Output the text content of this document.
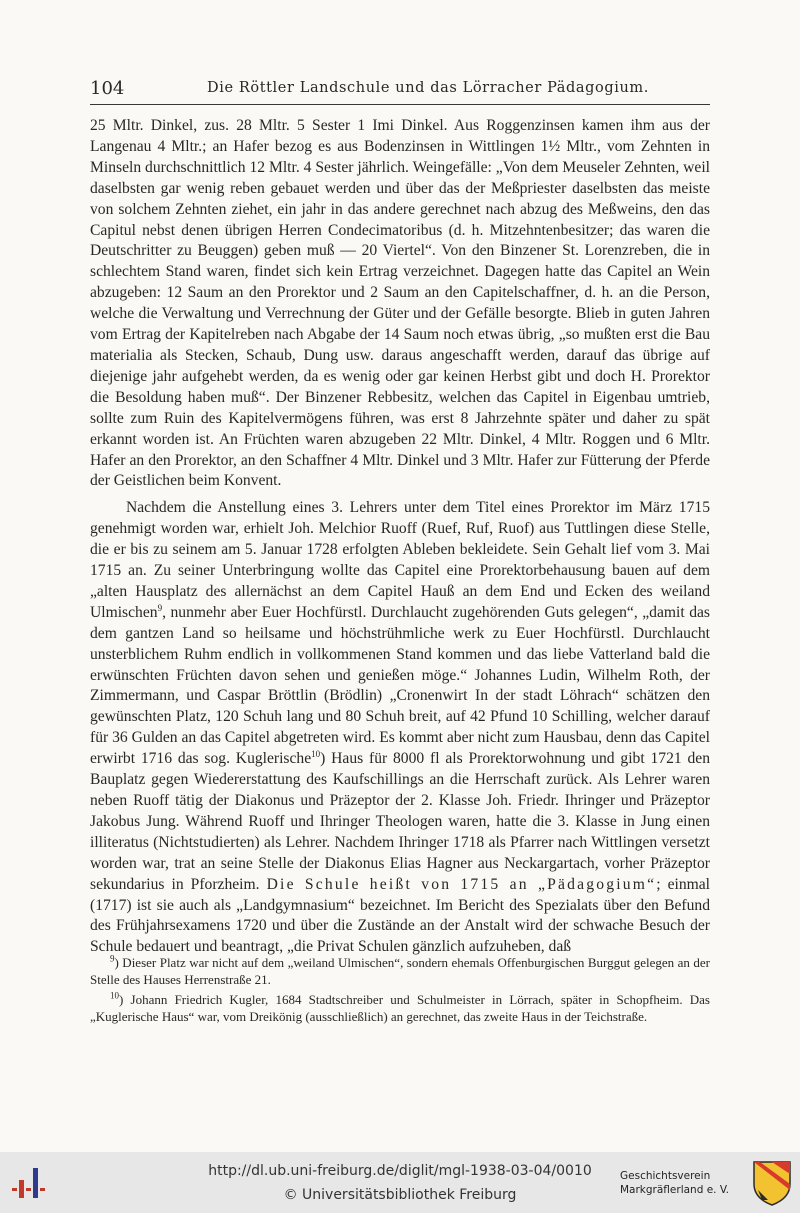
104	Die Röttler Landschule und das Lörracher Pädagogium.

25 Mltr. Dinkel, zus. 28 Mltr. 5 Sester 1 Imi Dinkel. Aus Roggenzinsen kamen ihm aus der Langenau 4 Mltr.; an Hafer bezog es aus Bodenzinsen in Wittlingen 1½ Mltr., vom Zehnten in Minseln durchschnittlich 12 Mltr. 4 Sester jährlich. Weingefälle: „Von dem Meuseler Zehnten, weil daselbsten gar wenig reben gebauet werden und über das der Meßpriester daselbsten das meiste von solchem Zehnten ziehet, ein jahr in das andere gerechnet nach abzug des Meßweins, den das Capitul nebst denen übrigen Herren Condecimatoribus (d. h. Mitzehntenbesitzer; das waren die Deutschritter zu Beuggen) geben muß — 20 Viertel“. Von den Binzener St. Lorenzreben, die in schlechtem Stand waren, findet sich kein Ertrag verzeichnet. Dagegen hatte das Capitel an Wein abzugeben: 12 Saum an den Prorektor und 2 Saum an den Capitelschaffner, d. h. an die Person, welche die Verwaltung und Verrechnung der Güter und der Gefälle besorgte. Blieb in guten Jahren vom Ertrag der Kapitelreben nach Abgabe der 14 Saum noch etwas übrig, „so mußten erst die Bau materialia als Stecken, Schaub, Dung usw. daraus angeschafft werden, darauf das übrige auf diejenige jahr aufgehebt werden, da es wenig oder gar keinen Herbst gibt und doch H. Prorektor die Besoldung haben muß“. Der Binzener Rebbesitz, welchen das Capitel in Eigenbau umtrieb, sollte zum Ruin des Kapitelvermögens führen, was erst 8 Jahrzehnte später und daher zu spät erkannt worden ist. An Früchten waren abzugeben 22 Mltr. Dinkel, 4 Mltr. Roggen und 6 Mltr. Hafer an den Prorektor, an den Schaffner 4 Mltr. Dinkel und 3 Mltr. Hafer zur Fütterung der Pferde der Geistlichen beim Konvent.

Nachdem die Anstellung eines 3. Lehrers unter dem Titel eines Prorektor im März 1715 genehmigt worden war, erhielt Joh. Melchior Ruoff (Ruef, Ruf, Ruof) aus Tuttlingen diese Stelle, die er bis zu seinem am 5. Januar 1728 erfolgten Ableben bekleidete. Sein Gehalt lief vom 3. Mai 1715 an. Zu seiner Unterbringung wollte das Capitel eine Prorektorbehausung bauen auf dem „alten Hausplatz des allernächst an dem Capitel Hauß an dem End und Ecken des weiland Ulmischen$^9$, nunmehr aber Euer Hochfürstl. Durchlaucht zugehörenden Guts gelegen“, „damit das dem gantzen Land so heilsame und höchstrühmliche werk zu Euer Hochfürstl. Durchlaucht unsterblichem Ruhm endlich in vollkommenen Stand kommen und das liebe Vatterland bald die erwünschten Früchten davon sehen und genießen möge.“ Johannes Ludin, Wilhelm Roth, der Zimmermann, und Caspar Bröttlin (Brödlin) „Cronenwirt In der stadt Löhrach“ schätzen den gewünschten Platz, 120 Schuh lang und 80 Schuh breit, auf 42 Pfund 10 Schilling, welcher darauf für 36 Gulden an das Capitel abgetreten wird. Es kommt aber nicht zum Hausbau, denn das Capitel erwirbt 1716 das sog. Kuglerische$^{10}$) Haus für 8000 fl als Prorektorwohnung und gibt 1721 den Bauplatz gegen Wiedererstattung des Kaufschillings an die Herrschaft zurück. Als Lehrer waren neben Ruoff tätig der Diakonus und Präzeptor der 2. Klasse Joh. Friedr. Ihringer und Präzeptor Jakobus Jung. Während Ruoff und Ihringer Theologen waren, hatte die 3. Klasse in Jung einen illiteratus (Nichtstudierten) als Lehrer. Nachdem Ihringer 1718 als Pfarrer nach Wittlingen versetzt worden war, trat an seine Stelle der Diakonus Elias Hagner aus Neckargartach, vorher Präzeptor sekundarius in Pforzheim. Die Schule heißt von 1715 an „Pädagogium“; einmal (1717) ist sie auch als „Landgymnasium“ bezeichnet. Im Bericht des Spezialats über den Befund des Frühjahrsexamens 1720 und über die Zustände an der Anstalt wird der schwache Besuch der Schule bedauert und beantragt, „die Privat Schulen gänzlich aufzuheben, daß

$^9$) Dieser Platz war nicht auf dem „weiland Ulmischen“, sondern ehemals Offenburgischen Burggut gelegen an der Stelle des Hauses Herrenstraße 21.

$^{10}$) Johann Friedrich Kugler, 1684 Stadtschreiber und Schulmeister in Lörrach, später in Schopfheim. Das „Kuglerische Haus“ war, vom Dreikönig (ausschließlich) an gerechnet, das zweite Haus in der Teichstraße.

http://dl.ub.uni-freiburg.de/diglit/mgl-1938-03-04/0010
© Universitätsbibliothek Freiburg
Geschichtsverein
Markgräflerland e. V.
